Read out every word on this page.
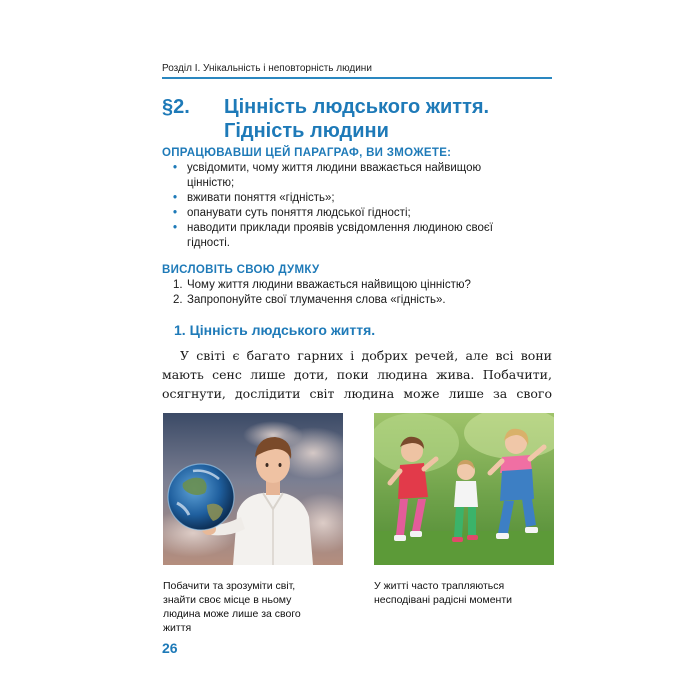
Розділ І. Унікальність і неповторність людини
§2. Цінність людського життя.
Гідність людини
ОПРАЦЮВАВШИ ЦЕЙ ПАРАГРАФ, ВИ ЗМОЖЕТЕ:
• усвідомити, чому життя людини вважається найвищою
цінністю;
• вживати поняття «гідність»;
• опанувати суть поняття людської гідності;
• наводити приклади проявів усвідомлення людиною своєї
гідності.
ВИСЛОВІТЬ СВОЮ ДУМКУ
1. Чому життя людини вважається найвищою цінністю?
2. Запропонуйте свої тлумачення слова «гідність».
1. Цінність людського життя.
У світі є багато гарних і добрих речей, але всі вони
мають сенс лише доти, поки людина жива. Побачити,
осягнути, дослідити світ людина може лише за свого
Побачити та зрозуміти світ,
знайти своє місце в ньому
людина може лише за свого
життя
У житті часто трапляються
несподівані радісні моменти
26
